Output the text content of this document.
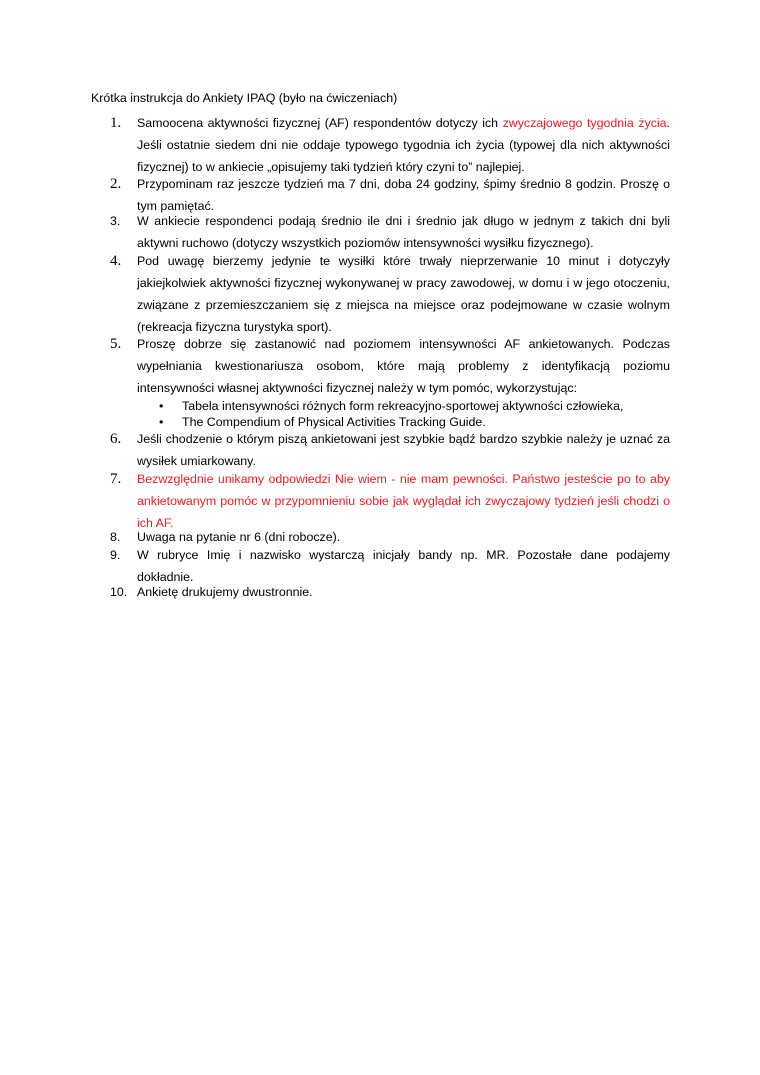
Krótka instrukcja do Ankiety IPAQ (było na ćwiczeniach)
1.	Samoocena aktywności fizycznej (AF) respondentów dotyczy ich zwyczajowego tygodnia życia. Jeśli ostatnie siedem dni nie oddaje typowego tygodnia ich życia (typowej dla nich aktywności fizycznej) to w ankiecie „opisujemy taki tydzień który czyni to” najlepiej.
2.	Przypominam raz jeszcze tydzień ma 7 dni, doba 24 godziny, śpimy średnio 8 godzin. Proszę o tym pamiętać.
3.	W ankiecie respondenci podają średnio ile dni i średnio jak długo w jednym z takich dni byli aktywni ruchowo (dotyczy wszystkich poziomów intensywności wysiłku fizycznego).
4.	Pod uwagę bierzemy jedynie te wysiłki które trwały nieprzerwanie 10 minut i dotyczyły jakiejkolwiek aktywności fizycznej wykonywanej w pracy zawodowej, w domu i w jego otoczeniu, związane z przemieszczaniem się z miejsca na miejsce oraz podejmowane w czasie wolnym (rekreacja fizyczna turystyka sport).
5.	Proszę dobrze się zastanowić nad poziomem intensywności AF ankietowanych. Podczas wypełniania kwestionariusza osobom, które mają problemy z identyfikacją poziomu intensywności własnej aktywności fizycznej należy w tym pomóc, wykorzystując:
•	Tabela intensywności różnych form rekreacyjno-sportowej aktywności człowieka,
•	The Compendium of Physical Activities Tracking Guide.
6.	Jeśli chodzenie o którym piszą ankietowani jest szybkie bądź bardzo szybkie należy je uznać za wysiłek umiarkowany.
7.	Bezwzględnie unikamy odpowiedzi Nie wiem - nie mam pewności. Państwo jesteście po to aby ankietowanym pomóc w przypomnieniu sobie jak wyglądał ich zwyczajowy tydzień jeśli chodzi o ich AF.
8.	Uwaga na pytanie nr 6 (dni robocze).
9.	W rubryce Imię i nazwisko wystarczą inicjały bandy np. MR. Pozostałe dane podajemy dokładnie.
10. Ankietę drukujemy dwustronnie.
